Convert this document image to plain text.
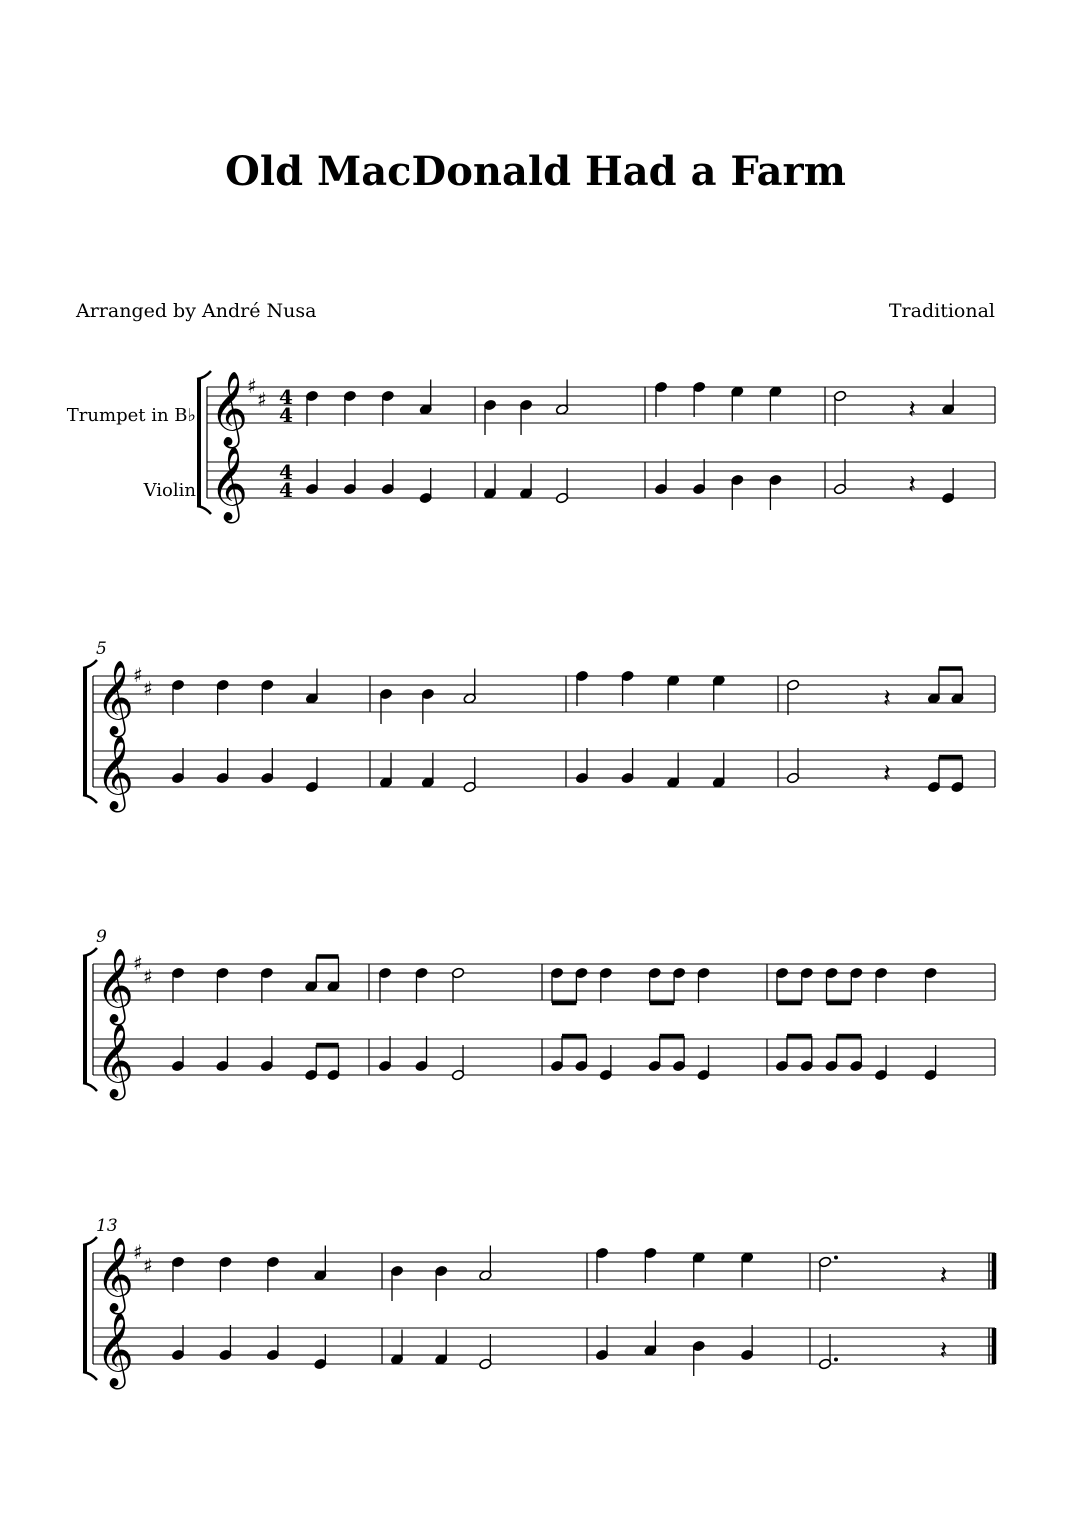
Old MacDonald Had a Farm
Arranged by André Nusa	Traditional
Trumpet in B♭
Violin
𝄞 ♯
♯ 4
4	𝄽
𝄞 4
4	𝄽
5
𝄞 ♯
♯	𝄽
𝄞	𝄽
9
𝄞 ♯
♯
𝄞
13
𝄞 ♯
♯	𝄽
𝄞	𝄽
